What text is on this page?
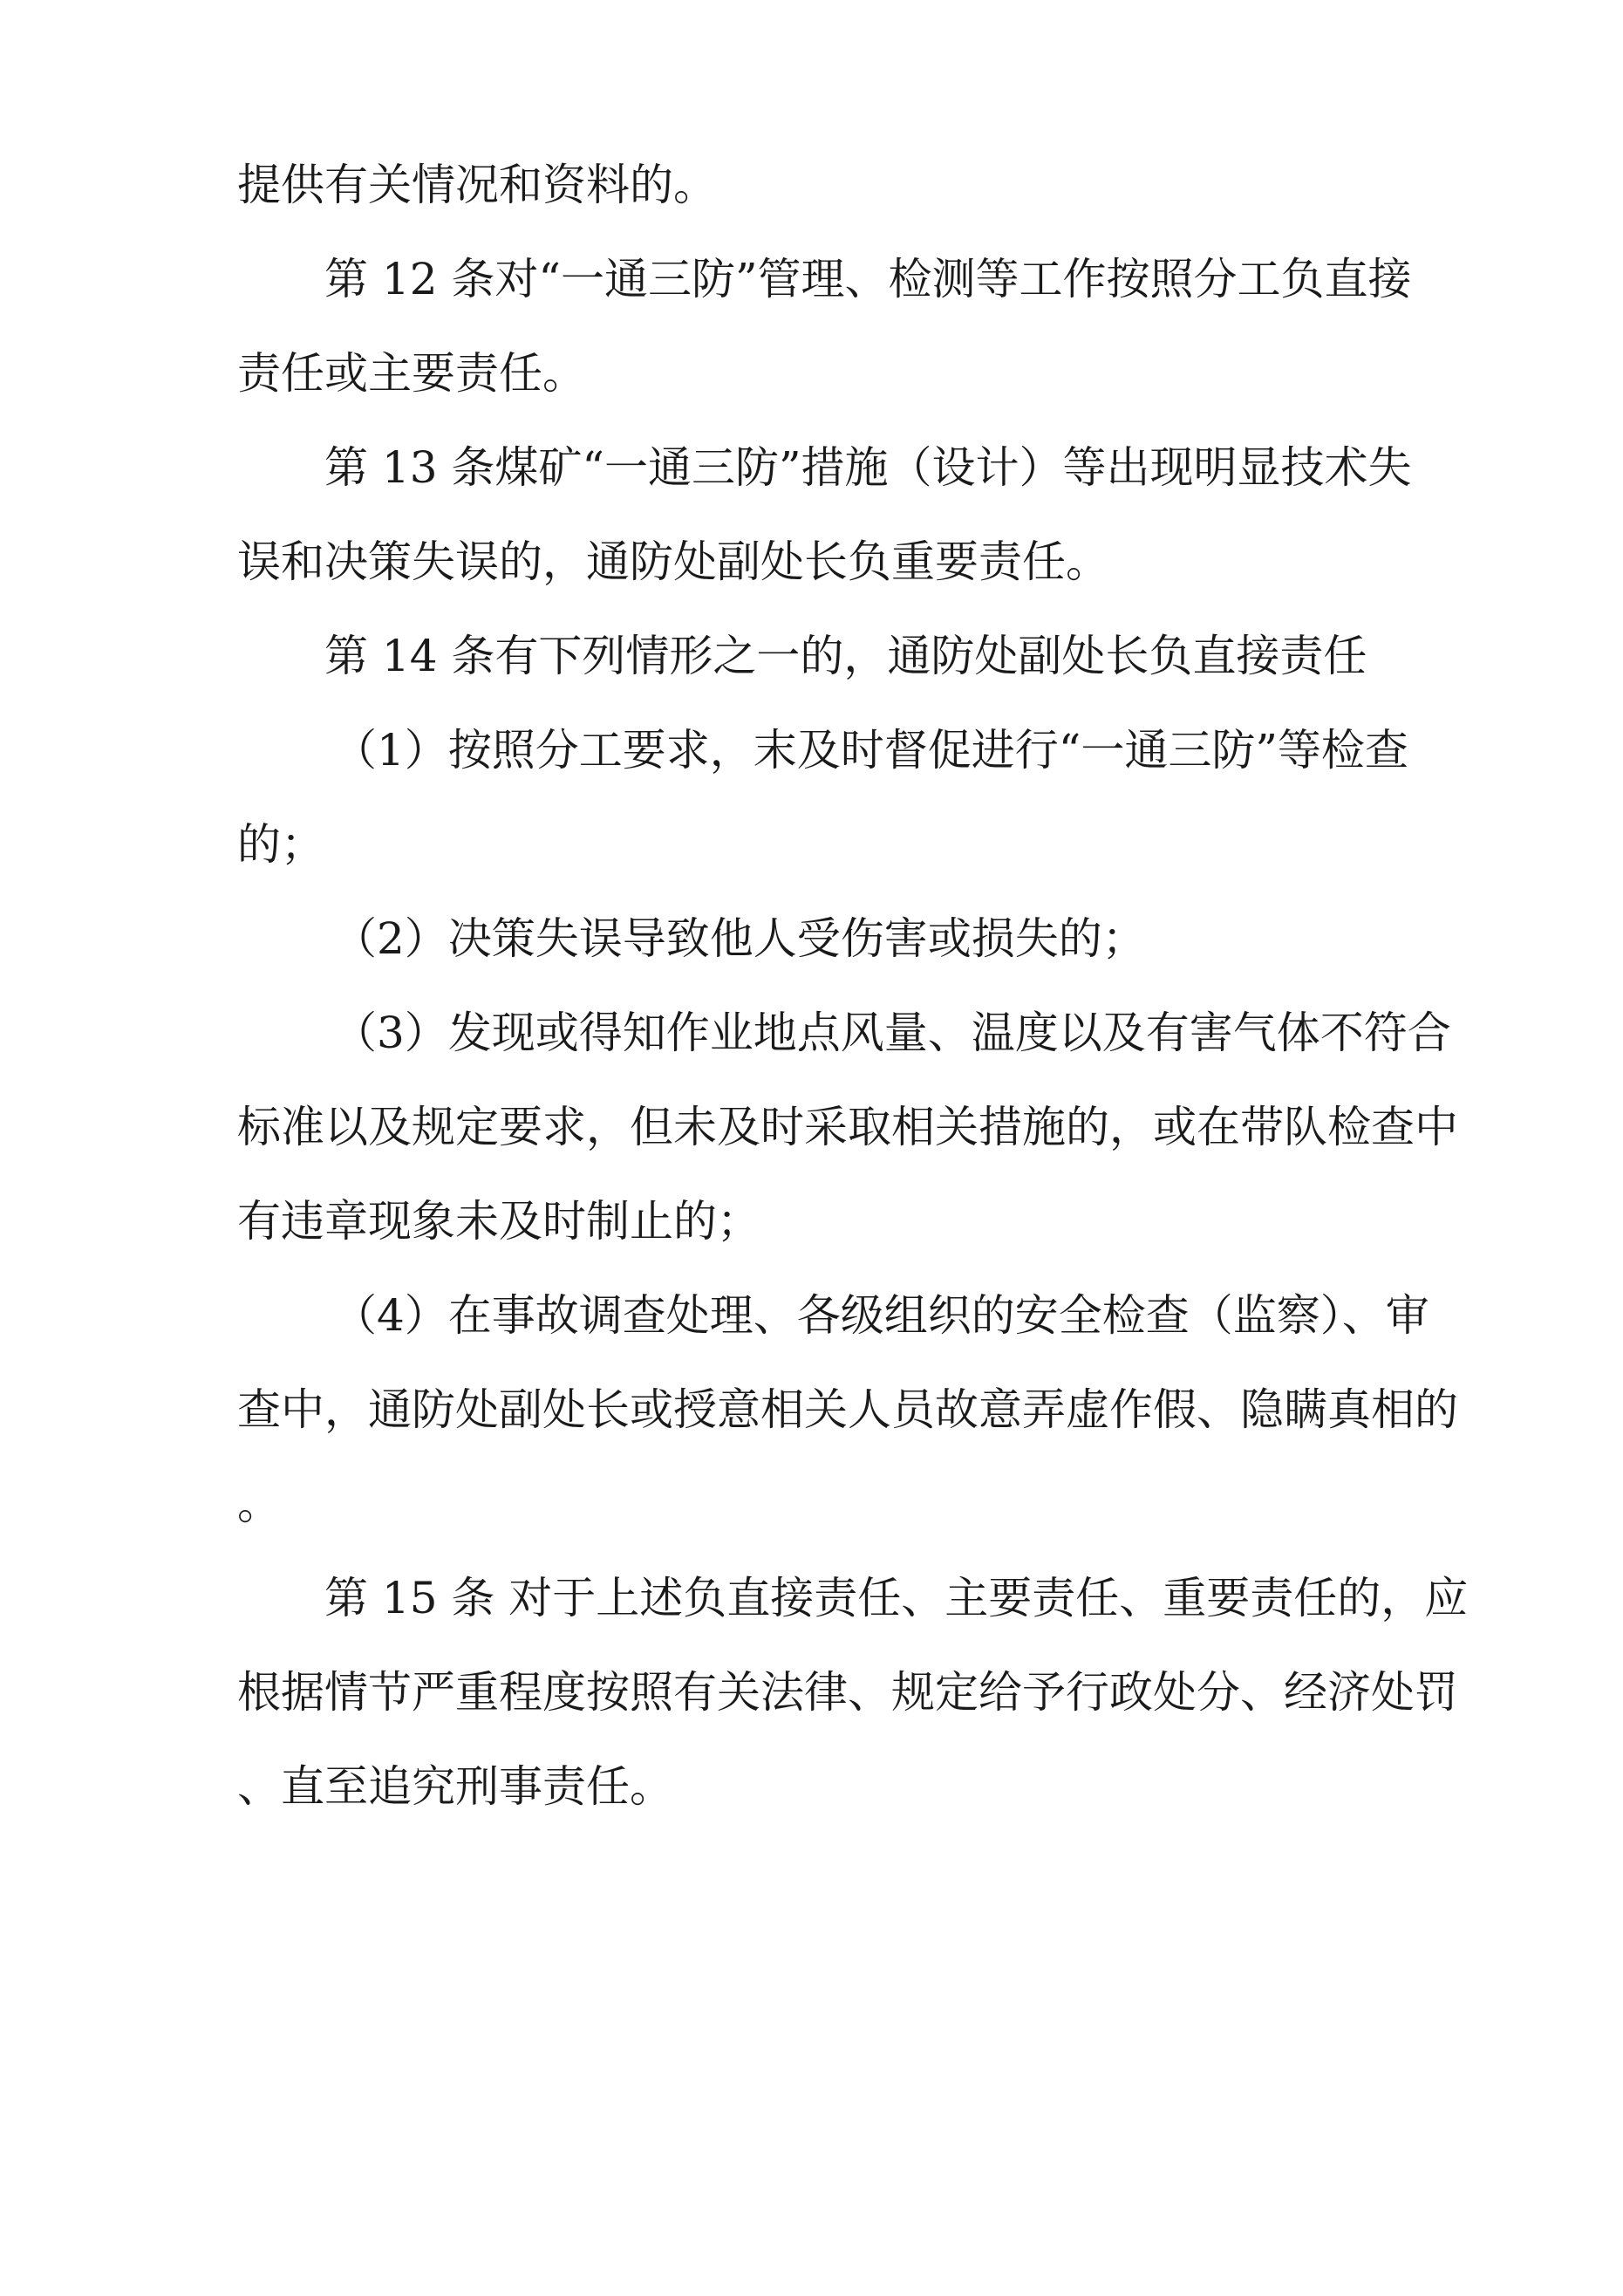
提供有关情况和资料的。
第 12 条对“一通三防”管理、检测等工作按照分工负直接
责任或主要责任。
第 13 条煤矿“一通三防”措施（设计）等出现明显技术失
误和决策失误的，通防处副处长负重要责任。
第 14 条有下列情形之一的，通防处副处长负直接责任
（1）按照分工要求，末及时督促进行“一通三防”等检查
的；
（2）决策失误导致他人受伤害或损失的；
（3）发现或得知作业地点风量、温度以及有害气体不符合
标准以及规定要求，但未及时采取相关措施的，或在带队检查中
有违章现象未及时制止的；
（4）在事故调查处理、各级组织的安全检查（监察）、审
查中，通防处副处长或授意相关人员故意弄虚作假、隐瞒真相的
。
第 15 条 对于上述负直接责任、主要责任、重要责任的，应
根据情节严重程度按照有关法律、规定给予行政处分、经济处罚
、直至追究刑事责任。
